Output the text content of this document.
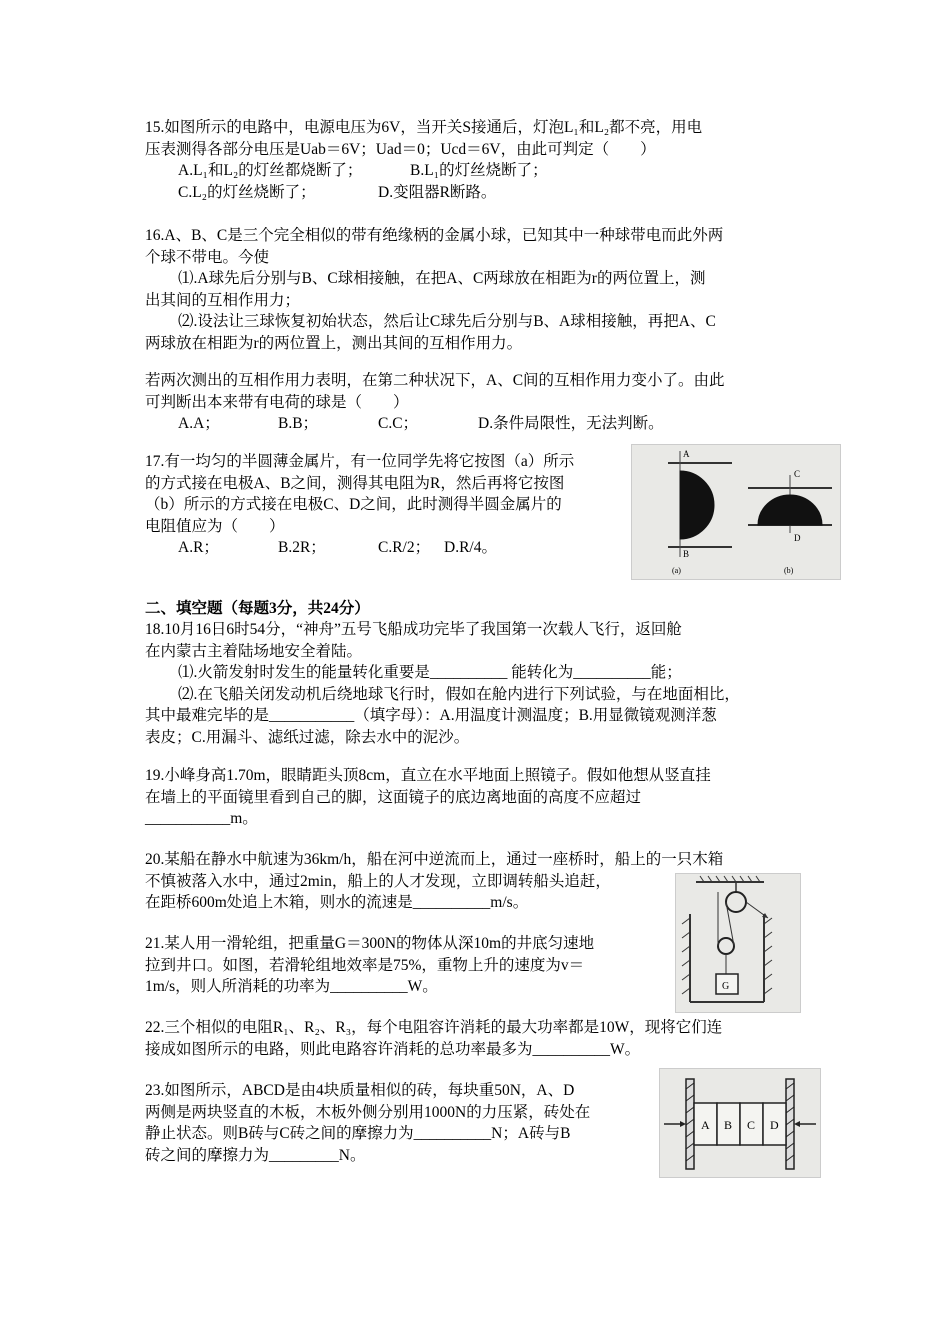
15.如图所示的电路中，电源电压为6V，当开关S接通后，灯泡L₁和L₂都不亮，用电
压表测得各部分电压是Uab＝6V；Uad＝0；Ucd＝6V，由此可判定（　　）
A.L₁和L₂的灯丝都烧断了；	B.L₁的灯丝烧断了；
C.L₂的灯丝烧断了；	D.变阻器R断路。
16.A、B、C是三个完全相似的带有绝缘柄的金属小球，已知其中一种球带电而此外两
个球不带电。今使
⑴.A球先后分别与B、C球相接触，在把A、C两球放在相距为r的两位置上，测
出其间的互相作用力；
⑵.设法让三球恢复初始状态，然后让C球先后分别与B、A球相接触，再把A、C
两球放在相距为r的两位置上，测出其间的互相作用力。
若两次测出的互相作用力表明，在第二种状况下，A、C间的互相作用力变小了。由此
可判断出本来带有电荷的球是（　　）
A.A；	B.B；	C.C；	D.条件局限性，无法判断。
17.有一均匀的半圆薄金属片，有一位同学先将它按图（a）所示
的方式接在电极A、B之间，测得其电阻为R，然后再将它按图
（b）所示的方式接在电极C、D之间，此时测得半圆金属片的
电阻值应为（　　）
A.R；	B.2R；	C.R/2； D.R/4。
A
B
(a)
C
D
(b)
二、填空题（每题3分，共24分）
18.10月16日6时54分，“神舟”五号飞船成功完毕了我国第一次载人飞行，返回舱
在内蒙古主着陆场地安全着陆。
⑴.火箭发射时发生的能量转化重要是__________ 能转化为__________能；
⑵.在飞船关闭发动机后绕地球飞行时，假如在舱内进行下列试验，与在地面相比，
其中最难完毕的是___________（填字母）：A.用温度计测温度；B.用显微镜观测洋葱
表皮；C.用漏斗、滤纸过滤，除去水中的泥沙。
19.小峰身高1.70m，眼睛距头顶8cm，直立在水平地面上照镜子。假如他想从竖直挂
在墙上的平面镜里看到自己的脚，这面镜子的底边离地面的高度不应超过
___________m。
20.某船在静水中航速为36km/h，船在河中逆流而上，通过一座桥时，船上的一只木箱
不慎被落入水中，通过2min，船上的人才发现，立即调转船头追赶，
在距桥600m处追上木箱，则水的流速是__________m/s。
21.某人用一滑轮组，把重量G＝300N的物体从深10m的井底匀速地
拉到井口。如图，若滑轮组地效率是75%，重物上升的速度为v＝
1m/s，则人所消耗的功率为__________W。	G
22.三个相似的电阻R₁、R₂、R₃，每个电阻容许消耗的最大功率都是10W，现将它们连
接成如图所示的电路，则此电路容许消耗的总功率最多为__________W。
23.如图所示，ABCD是由4块质量相似的砖，每块重50N，A、D
两侧是两块竖直的木板，木板外侧分别用1000N的力压紧，砖处在
静止状态。则B砖与C砖之间的摩擦力为__________N；A砖与B
砖之间的摩擦力为_________N。
A B C D
